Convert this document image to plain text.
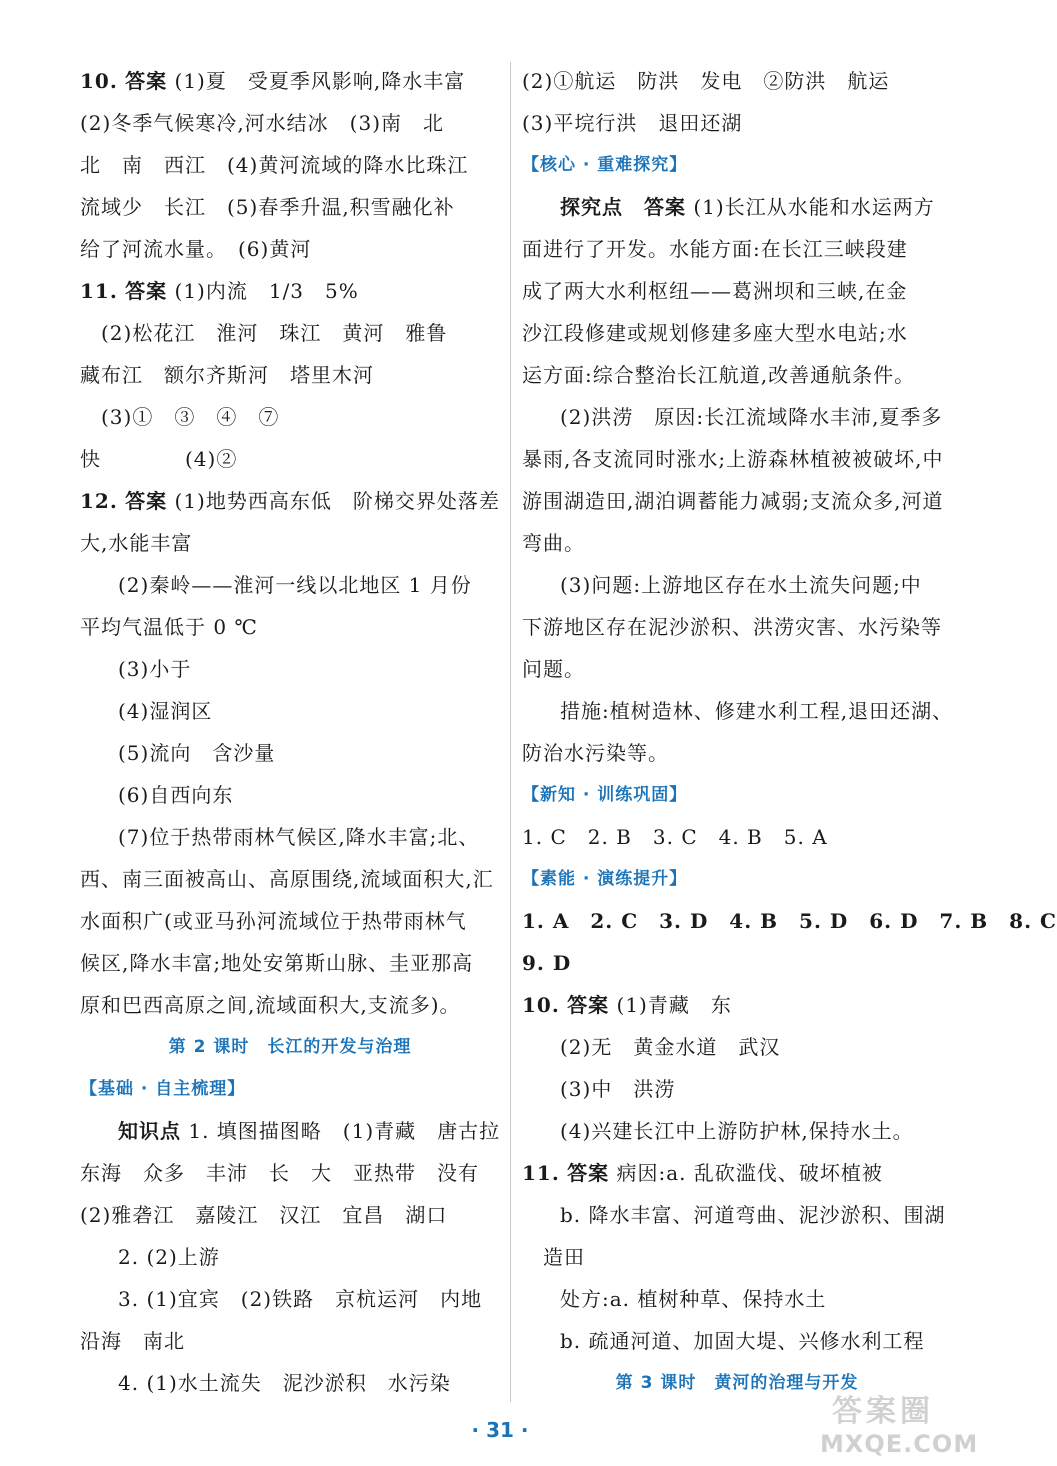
10. 答案 (1)夏　受夏季风影响,降水丰富
(2)冬季气候寒冷,河水结冰　(3)南　北
北　南　西江　(4)黄河流域的降水比珠江
流域少　长江　(5)春季升温,积雪融化补
给了河流水量。　(6)黄河
11. 答案 (1)内流　1/3　5%
　(2)松花江　淮河　珠江　黄河　雅鲁
藏布江　额尔齐斯河　塔里木河
　(3)①　③　④　⑦
快　　　　(4)②
12. 答案 (1)地势西高东低　阶梯交界处落差
大,水能丰富
(2)秦岭——淮河一线以北地区 1 月份
平均气温低于 0 ℃
(3)小于
(4)湿润区
(5)流向　含沙量
(6)自西向东
(7)位于热带雨林气候区,降水丰富;北、
西、南三面被高山、高原围绕,流域面积大,汇
水面积广(或亚马孙河流域位于热带雨林气
候区,降水丰富;地处安第斯山脉、圭亚那高
原和巴西高原之间,流域面积大,支流多)。
第 2 课时　长江的开发与治理
【基础 · 自主梳理】
知识点 1. 填图描图略　(1)青藏　唐古拉
东海　众多　丰沛　长　大　亚热带　没有
(2)雅砻江　嘉陵江　汉江　宜昌　湖口
2. (2)上游
3. (1)宜宾　(2)铁路　京杭运河　内地
沿海　南北
4. (1)水土流失　泥沙淤积　水污染
(2)①航运　防洪　发电　②防洪　航运
(3)平垸行洪　退田还湖
【核心 · 重难探究】
探究点　答案 (1)长江从水能和水运两方
面进行了开发。水能方面:在长江三峡段建
成了两大水利枢纽——葛洲坝和三峡,在金
沙江段修建或规划修建多座大型水电站;水
运方面:综合整治长江航道,改善通航条件。
(2)洪涝　原因:长江流域降水丰沛,夏季多
暴雨,各支流同时涨水;上游森林植被被破坏,中
游围湖造田,湖泊调蓄能力减弱;支流众多,河道
弯曲。
(3)问题:上游地区存在水土流失问题;中
下游地区存在泥沙淤积、洪涝灾害、水污染等
问题。
措施:植树造林、修建水利工程,退田还湖、
防治水污染等。
【新知 · 训练巩固】
1. C　2. B　3. C　4. B　5. A
【素能 · 演练提升】
1. A　2. C　3. D　4. B　5. D　6. D　7. B　8. C
9. D
10. 答案 (1)青藏　东
(2)无　黄金水道　武汉
(3)中　洪涝
(4)兴建长江中上游防护林,保持水土。
11. 答案 病因:a. 乱砍滥伐、破坏植被
b. 降水丰富、河道弯曲、泥沙淤积、围湖
　造田
处方:a. 植树种草、保持水土
b. 疏通河道、加固大堤、兴修水利工程
第 3 课时　黄河的治理与开发
· 31 ·
答案圈
MXQE.COM
